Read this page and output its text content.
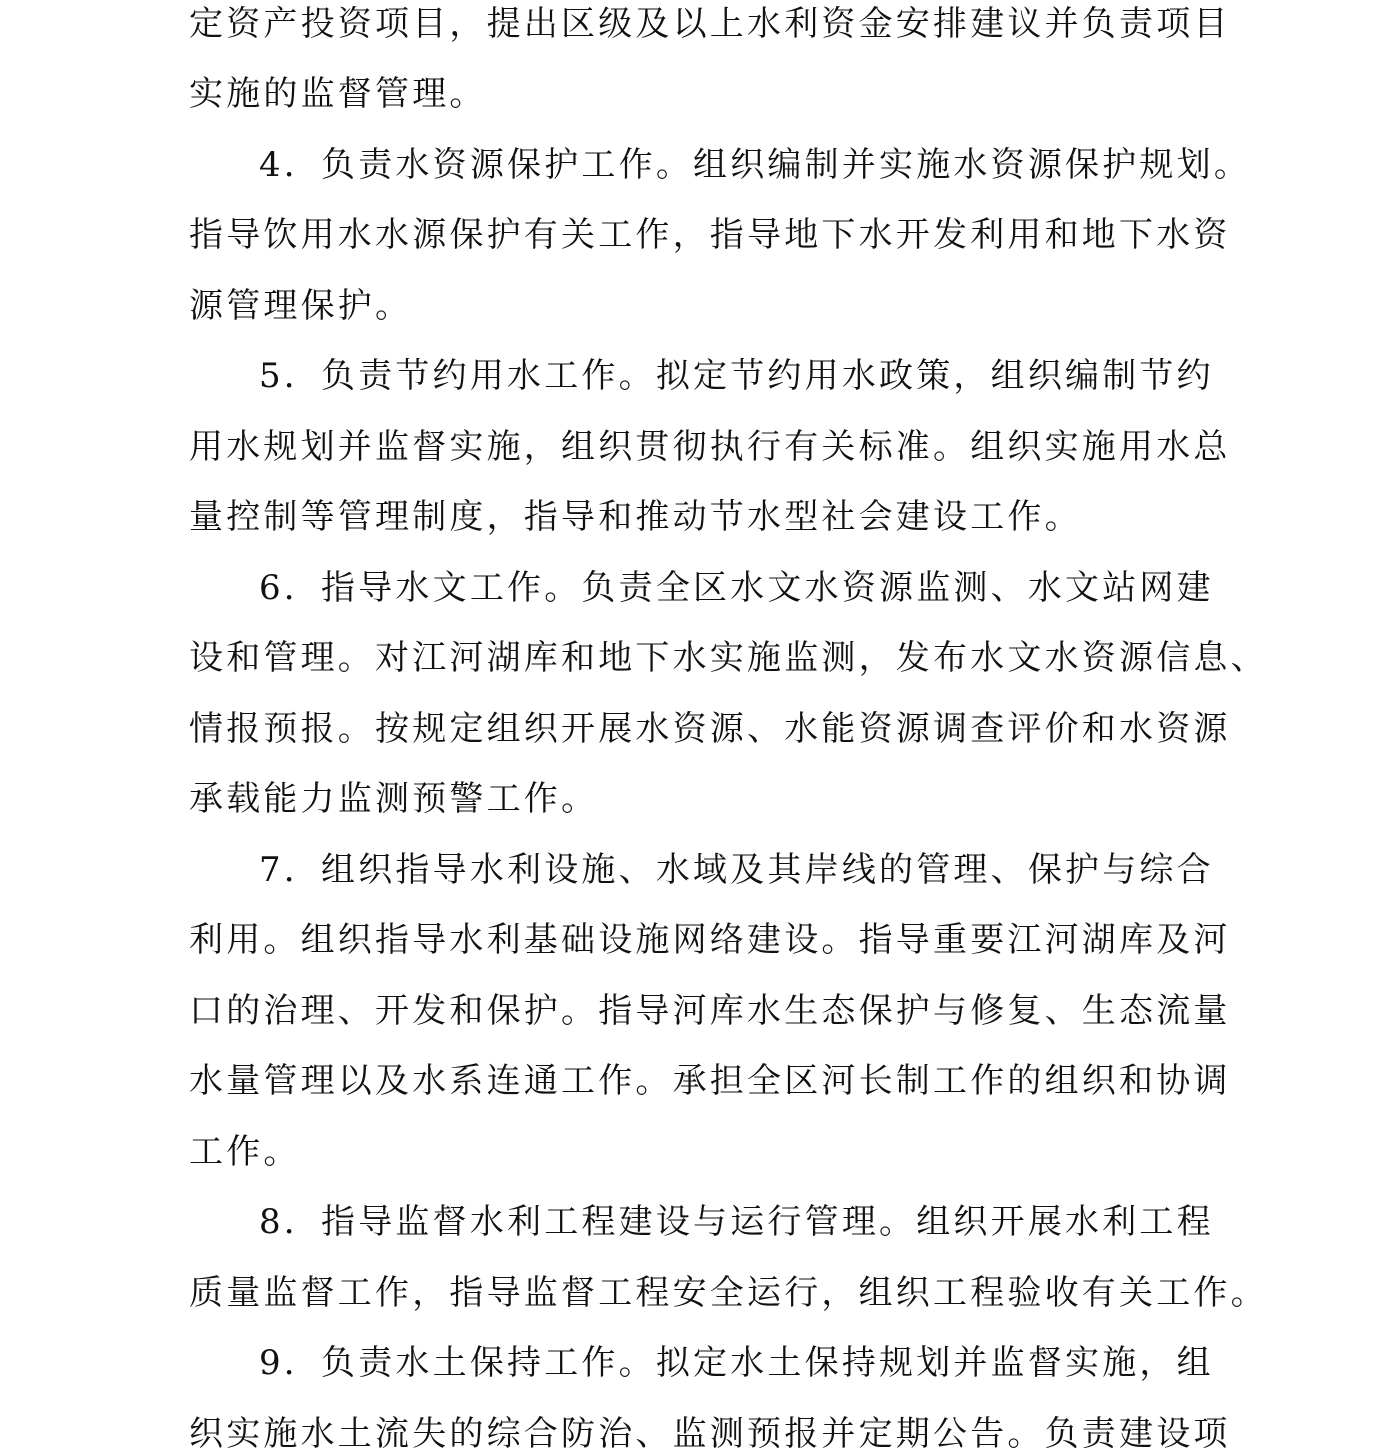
定资产投资项目，提出区级及以上水利资金安排建议并负责项目
实施的监督管理。
4．负责水资源保护工作。组织编制并实施水资源保护规划。
指导饮用水水源保护有关工作，指导地下水开发利用和地下水资
源管理保护。
5．负责节约用水工作。拟定节约用水政策，组织编制节约
用水规划并监督实施，组织贯彻执行有关标准。组织实施用水总
量控制等管理制度，指导和推动节水型社会建设工作。
6．指导水文工作。负责全区水文水资源监测、水文站网建
设和管理。对江河湖库和地下水实施监测，发布水文水资源信息、
情报预报。按规定组织开展水资源、水能资源调查评价和水资源
承载能力监测预警工作。
7．组织指导水利设施、水域及其岸线的管理、保护与综合
利用。组织指导水利基础设施网络建设。指导重要江河湖库及河
口的治理、开发和保护。指导河库水生态保护与修复、生态流量
水量管理以及水系连通工作。承担全区河长制工作的组织和协调
工作。
8．指导监督水利工程建设与运行管理。组织开展水利工程
质量监督工作，指导监督工程安全运行，组织工程验收有关工作。
9．负责水土保持工作。拟定水土保持规划并监督实施，组
织实施水土流失的综合防治、监测预报并定期公告。负责建设项
